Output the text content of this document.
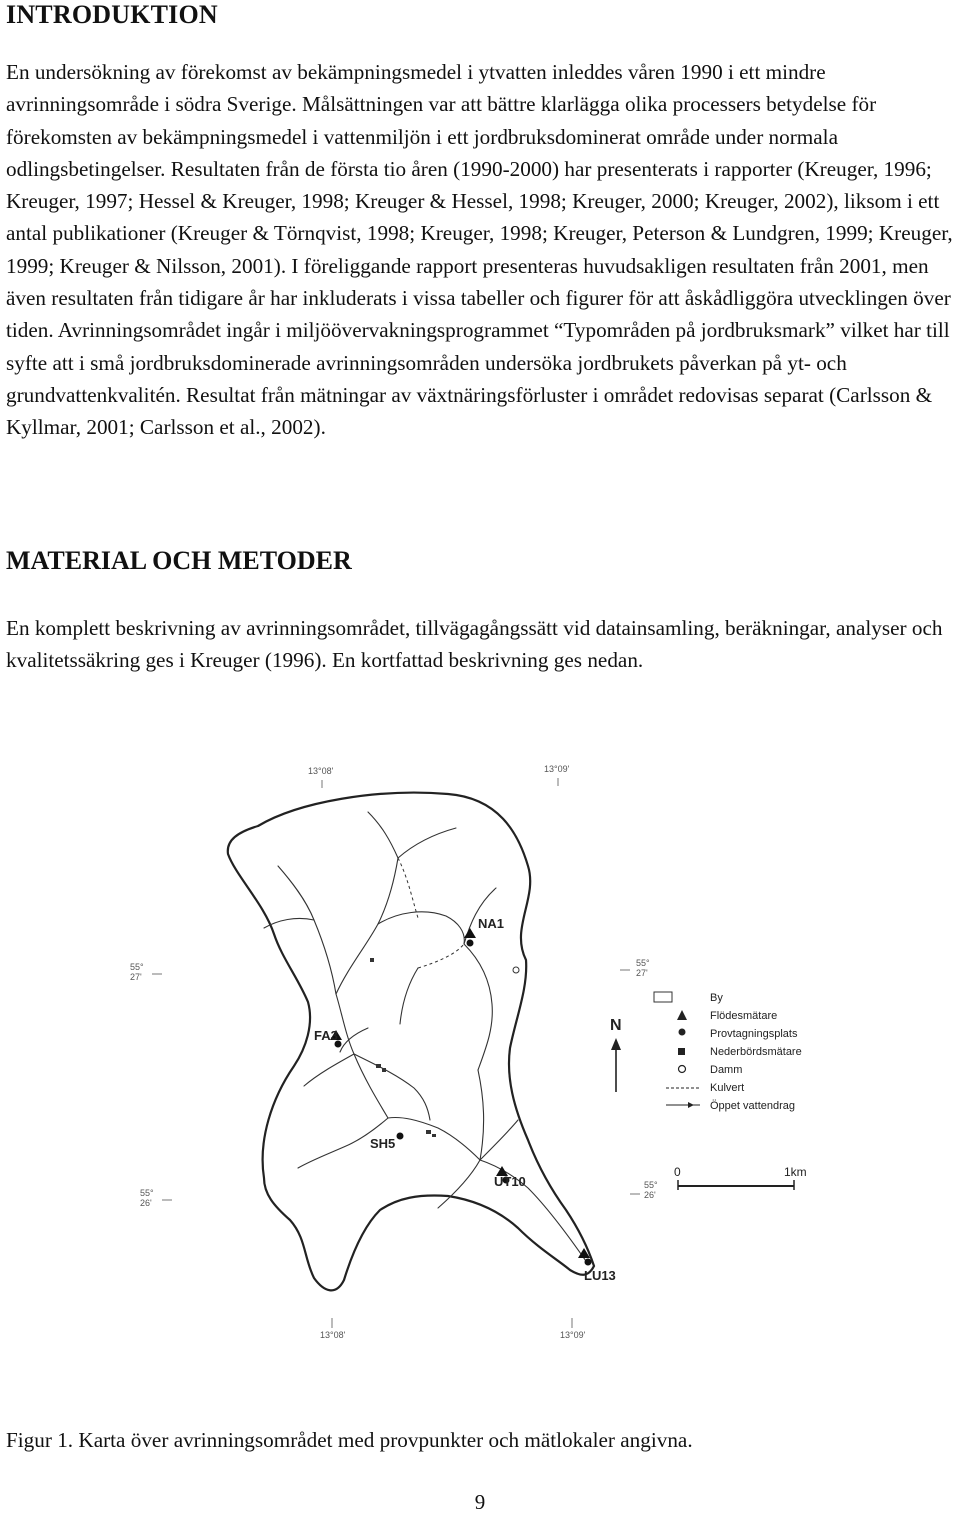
INTRODUKTION
En undersökning av förekomst av bekämpningsmedel i ytvatten inleddes våren 1990 i ett mindre avrinningsområde i södra Sverige. Målsättningen var att bättre klarlägga olika processers betydelse för förekomsten av bekämpningsmedel i vattenmiljön i ett jordbruksdominerat område under normala odlingsbetingelser. Resultaten från de första tio åren (1990-2000) har presenterats i rapporter (Kreuger, 1996; Kreuger, 1997; Hessel & Kreuger, 1998; Kreuger & Hessel, 1998; Kreuger, 2000; Kreuger, 2002), liksom i ett antal publikationer (Kreuger & Törnqvist, 1998; Kreuger, 1998; Kreuger, Peterson & Lundgren, 1999; Kreuger, 1999; Kreuger & Nilsson, 2001). I föreliggande rapport presenteras huvudsakligen resultaten från 2001, men även resultaten från tidigare år har inkluderats i vissa tabeller och figurer för att åskådliggöra utvecklingen över tiden. Avrinningsområdet ingår i miljöövervakningsprogrammet “Typområden på jordbruksmark” vilket har till syfte att i små jordbruksdominerade avrinningsområden undersöka jordbrukets påverkan på yt- och grundvattenkvalitén. Resultat från mätningar av växtnäringsförluster i området redovisas separat (Carlsson & Kyllmar, 2001; Carlsson et al., 2002).
MATERIAL OCH METODER
En komplett beskrivning av avrinningsområdet, tillvägagångssätt vid datainsamling, beräkningar, analyser och kvalitetssäkring ges i Kreuger (1996). En kortfattad beskrivning ges nedan.
13°08'	13°09'
55° 27'
55° 27'
55° 26'
55° 26'
13°08'	13°09'
NA1
FA3
SH5
UT10
LU13
N
By
Flödesmätare
Provtagningsplats
Nederbördsmätare
Damm
Kulvert
Öppet vattendrag
0	1km
Figur 1. Karta över avrinningsområdet med provpunkter och mätlokaler angivna.
9
